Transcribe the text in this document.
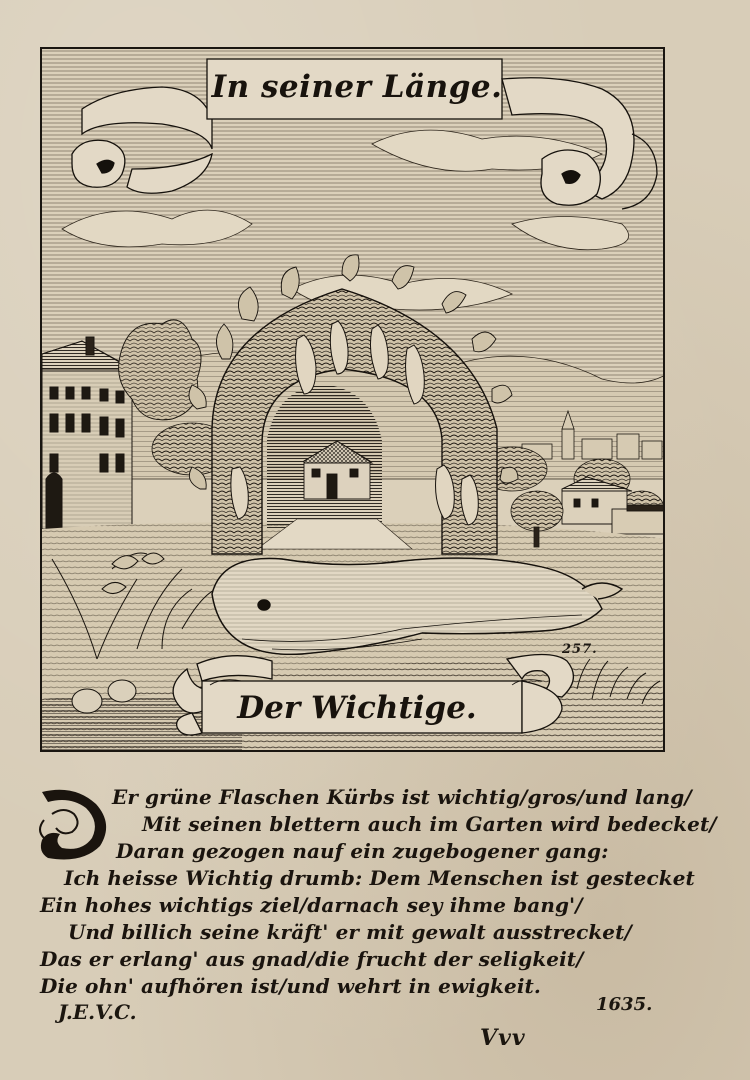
In seiner Länge.
Der Wichtige.
257.
Er grüne Flaschen Kürbs ist wichtig/gros/und lang/
Mit seinen blettern auch im Garten wird bedecket/
Daran gezogen nauf ein zugebogener gang:
Ich heisse Wichtig drumb: Dem Menschen ist gestecket
Ein hohes wichtigs ziel/darnach sey ihme bang'/
Und billich seine kräft' er mit gewalt ausstrecket/
Das er erlang' aus gnad/die frucht der seligkeit/
Die ohn' aufhören ist/und wehrt in ewigkeit.
J.E.V.C.	1635.
Vvv
